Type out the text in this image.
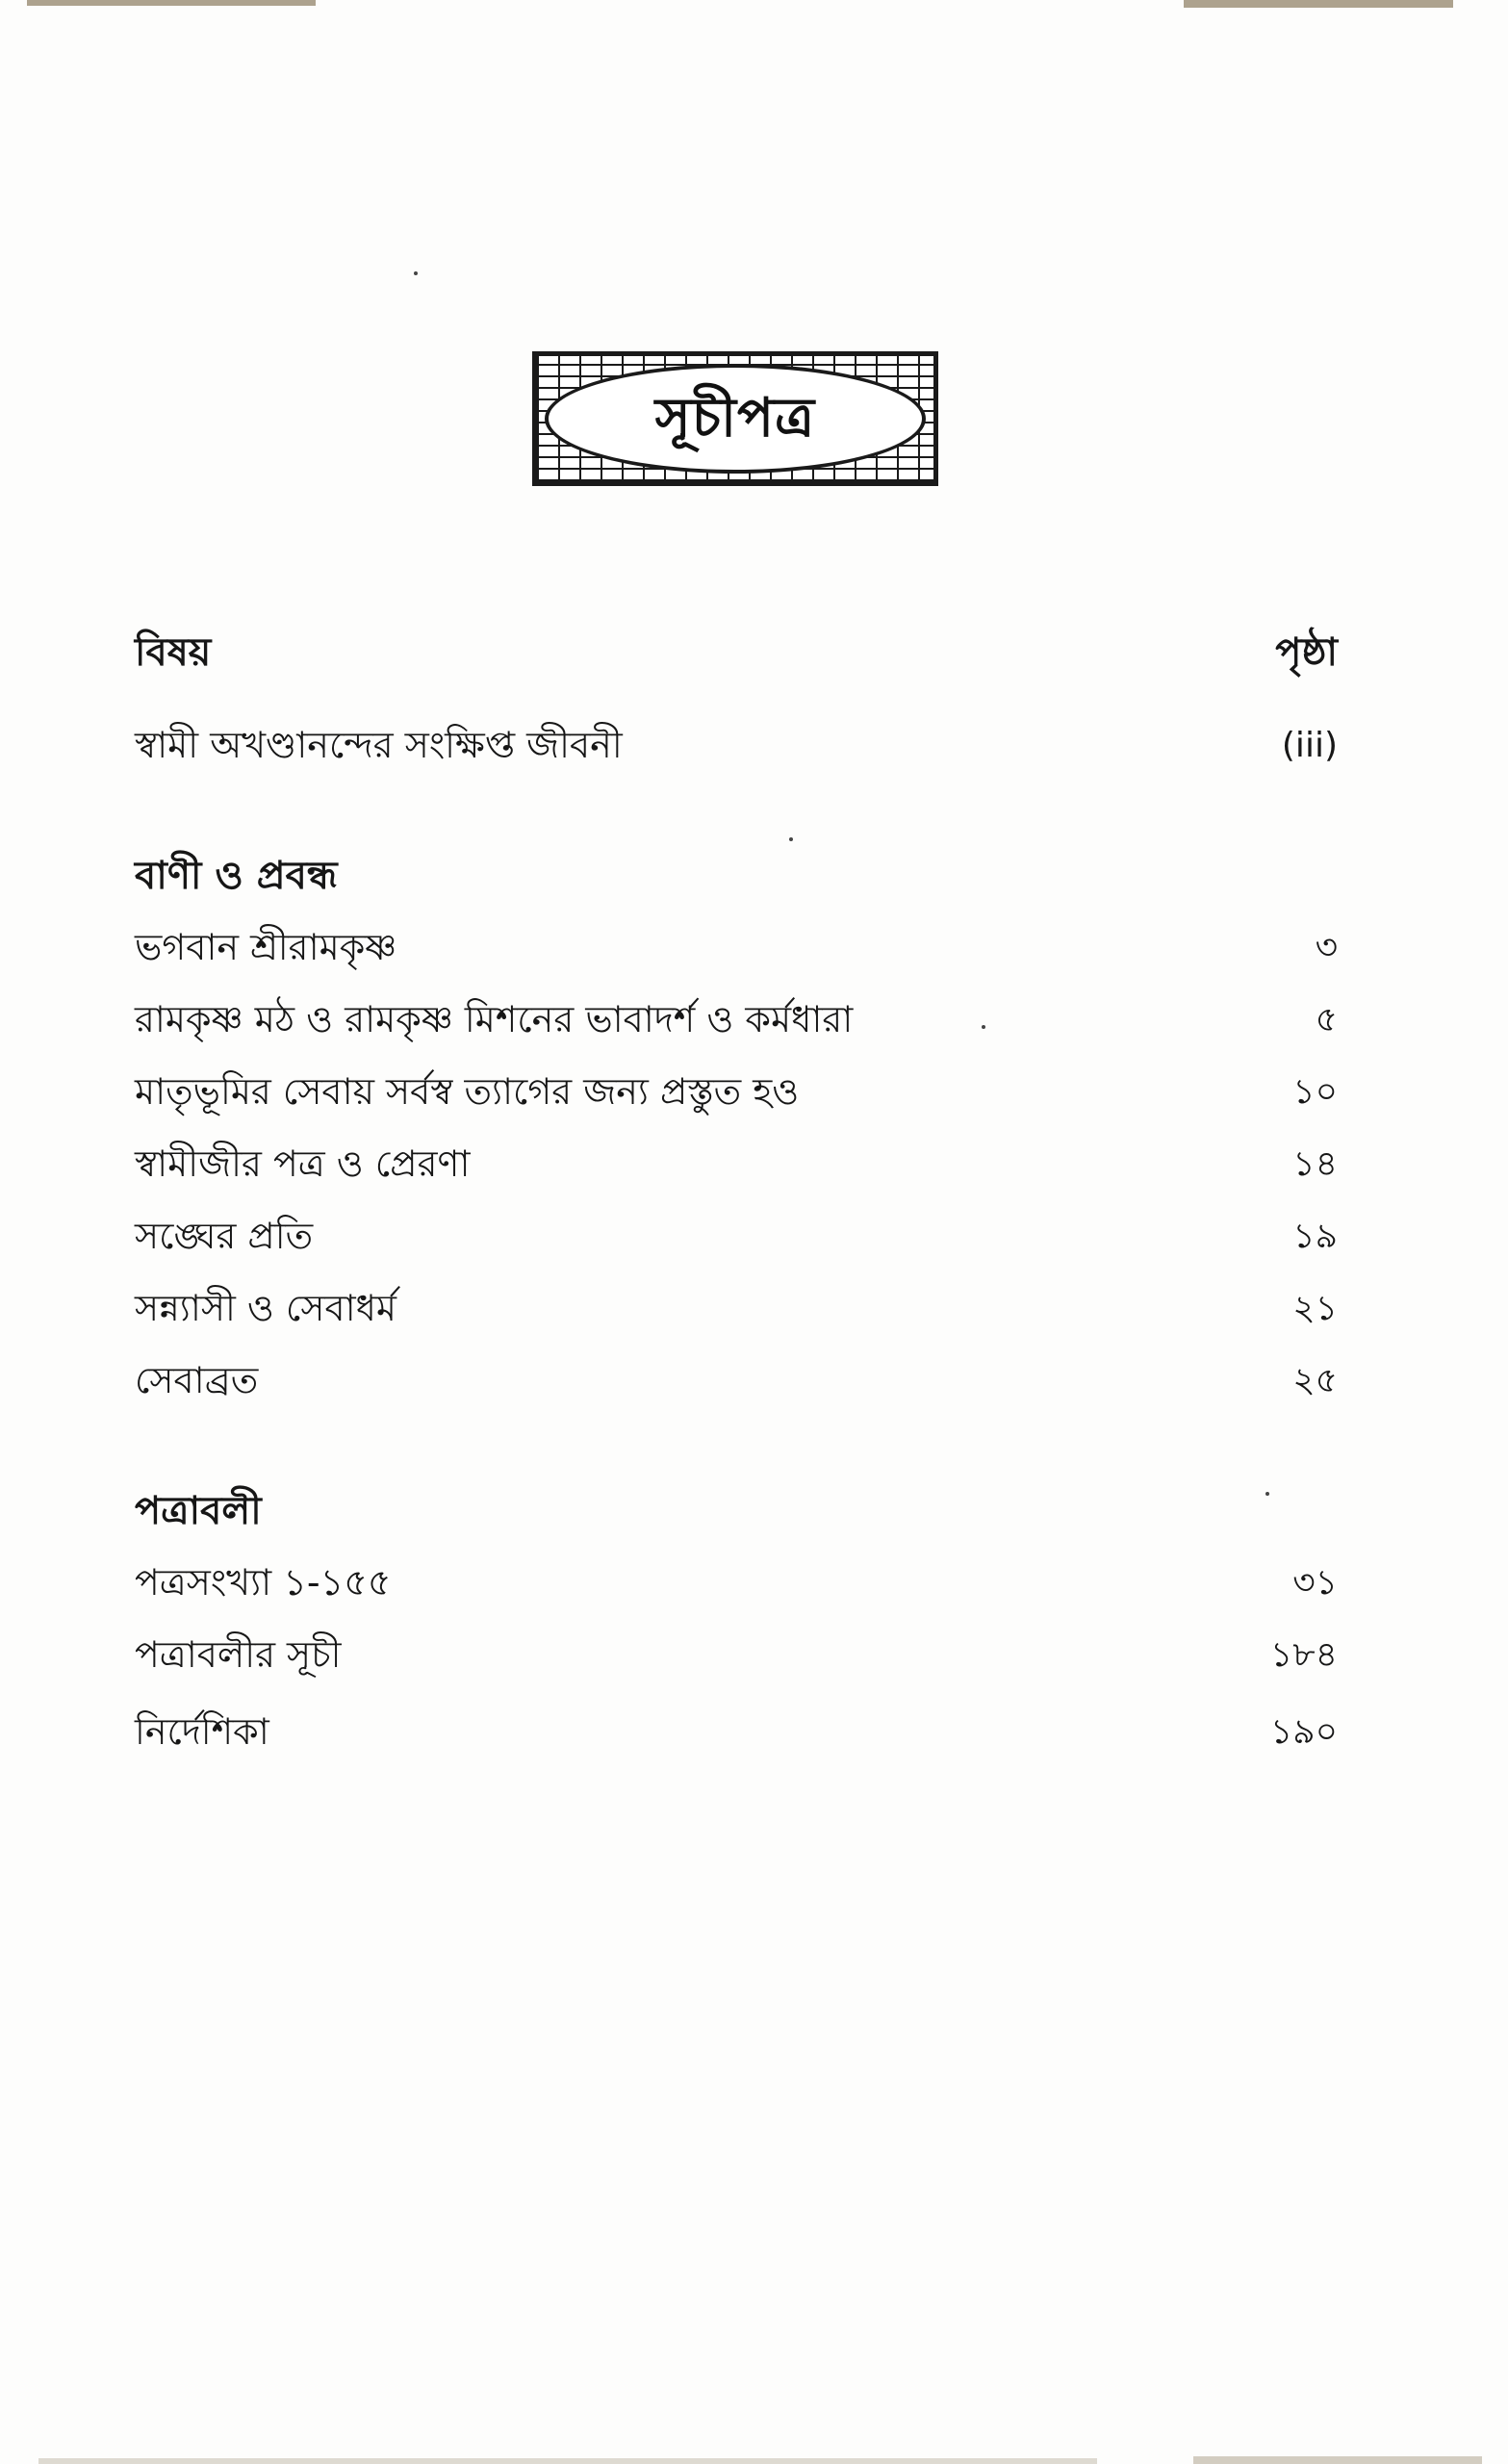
সূচীপত্র
বিষয়	পৃষ্ঠা
স্বামী অখণ্ডানন্দের সংক্ষিপ্ত জীবনী	(iii)
বাণী ও প্রবন্ধ
ভগবান শ্রীরামকৃষ্ণ	৩
রামকৃষ্ণ মঠ ও রামকৃষ্ণ মিশনের ভাবাদর্শ ও কর্মধারা	৫
মাতৃভূমির সেবায় সর্বস্ব ত্যাগের জন্য প্রস্তুত হও	১০
স্বামীজীর পত্র ও প্রেরণা	১৪
সঙ্ঘের প্রতি	১৯
সন্ন্যাসী ও সেবাধর্ম	২১
সেবাব্রত	২৫
পত্রাবলী
পত্রসংখ্যা ১-১৫৫	৩১
পত্রাবলীর সূচী	১৮৪
নির্দেশিকা	১৯০
